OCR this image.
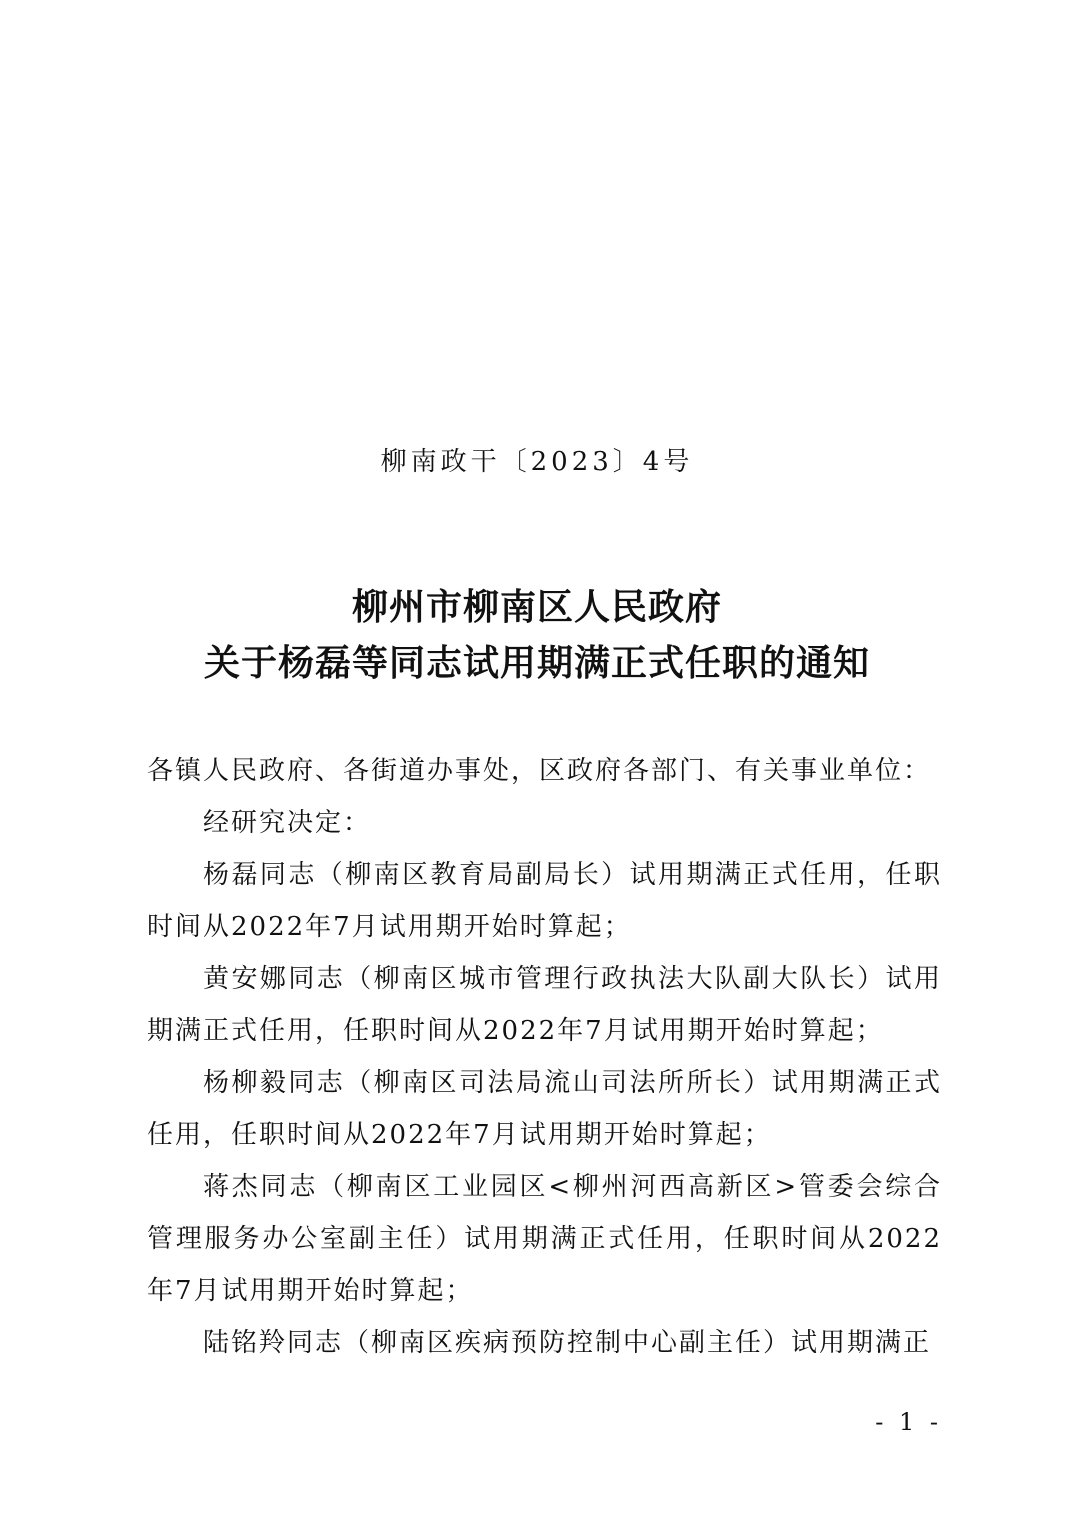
柳南政干〔2023〕4号
柳州市柳南区人民政府
关于杨磊等同志试用期满正式任职的通知

各镇人民政府、各街道办事处，区政府各部门、有关事业单位：

经研究决定：

杨磊同志（柳南区教育局副局长）试用期满正式任用，任职时间从2022年7月试用期开始时算起；

黄安娜同志（柳南区城市管理行政执法大队副大队长）试用期满正式任用，任职时间从2022年7月试用期开始时算起；

杨柳毅同志（柳南区司法局流山司法所所长）试用期满正式任用，任职时间从2022年7月试用期开始时算起；

蒋杰同志（柳南区工业园区<柳州河西高新区>管委会综合管理服务办公室副主任）试用期满正式任用，任职时间从2022年7月试用期开始时算起；

陆铭羚同志（柳南区疾病预防控制中心副主任）试用期满正

- 1 -
